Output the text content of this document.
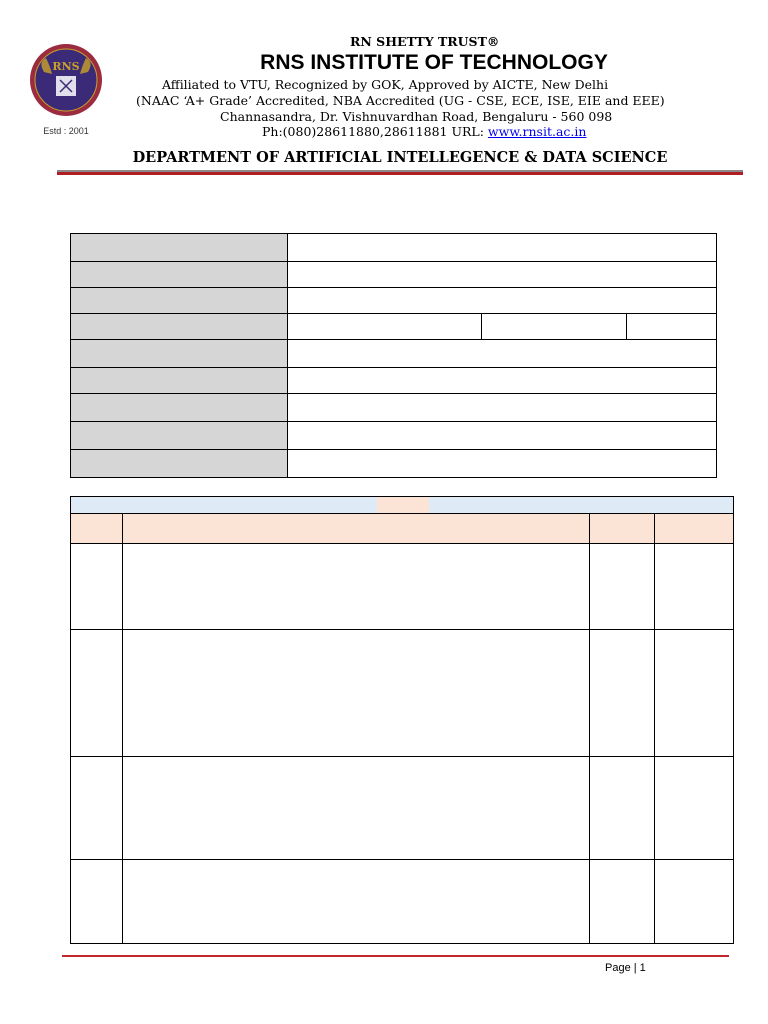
RNS
Estd : 2001
RN SHETTY TRUST®
RNS INSTITUTE OF TECHNOLOGY
Affiliated to VTU, Recognized by GOK, Approved by AICTE, New Delhi
(NAAC ‘A+ Grade’ Accredited, NBA Accredited (UG - CSE, ECE, ISE, EIE and EEE)
Channasandra, Dr. Vishnuvardhan Road, Bengaluru - 560 098
Ph:(080)28611880,28611881 URL: www.rnsit.ac.in
DEPARTMENT OF ARTIFICIAL INTELLEGENCE & DATA SCIENCE

Page | 1
